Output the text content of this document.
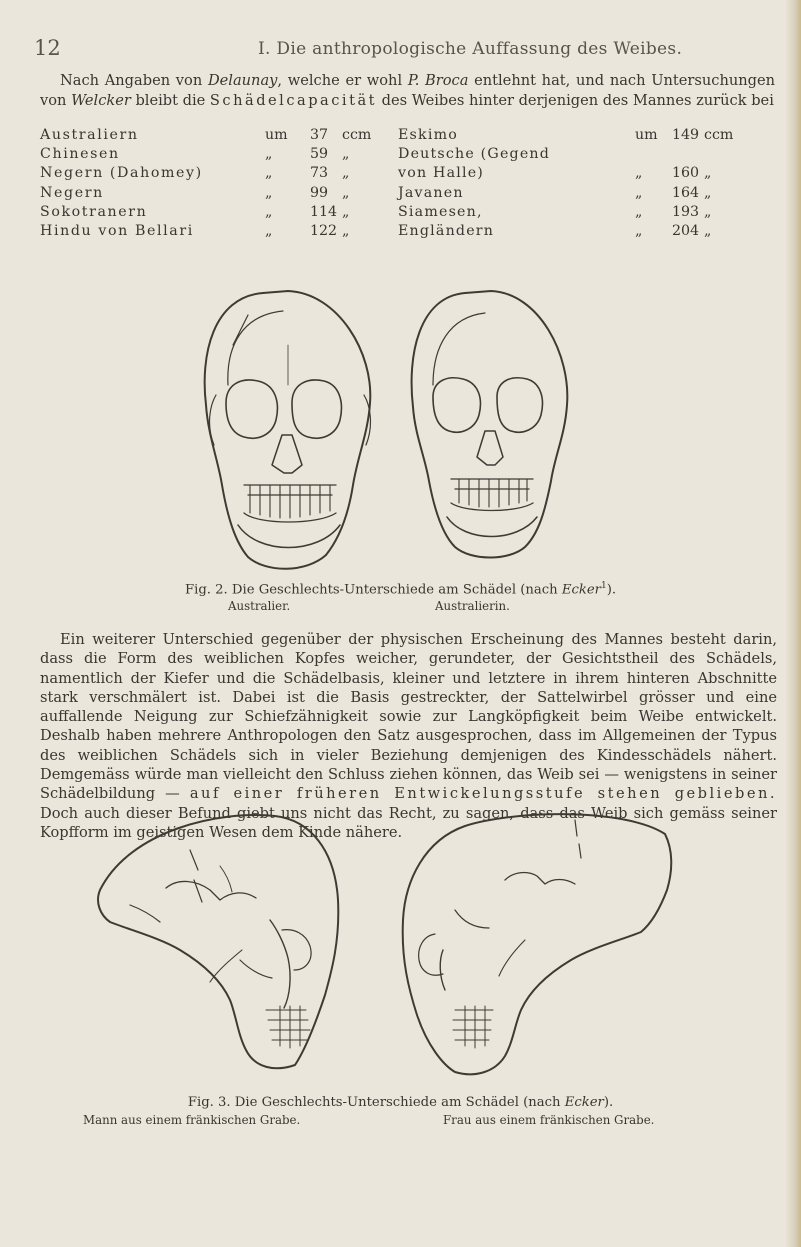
12	I. Die anthropologische Auffassung des Weibes.

Nach Angaben von Delaunay, welche er wohl P. Broca entlehnt hat, und nach Untersuchungen von Welcker bleibt die Schädelcapacität des Weibes hinter derjenigen des Mannes zurück bei

Australiern	um 37 ccm Eskimo	um 149 ccm
Chinesen	„	59 „	Deutsche (Gegend
Negern (Dahomey)	„	73 „	von Halle)	„ 160 „
Negern	„	99 „	Javanen	„ 164 „
Sokotranern	„	114 „	Siamesen,	„ 193 „
Hindu von Bellari	„	122 „	Engländern	„ 204 „
Fig. 2. Die Geschlechts-Unterschiede am Schädel (nach Ecker$^1$).
Australier.	Australierin.

Ein weiterer Unterschied gegenüber der physischen Erscheinung des Mannes besteht darin, dass die Form des weiblichen Kopfes weicher, gerundeter, der Gesichtstheil des Schädels, namentlich der Kiefer und die Schädelbasis, kleiner und letztere in ihrem hinteren Abschnitte stark verschmälert ist. Dabei ist die Basis gestreckter, der Sattelwirbel grösser und eine auffallende Neigung zur Schiefzähnigkeit sowie zur Langköpfigkeit beim Weibe entwickelt. Deshalb haben mehrere Anthropologen den Satz ausgesprochen, dass im Allgemeinen der Typus des weiblichen Schädels sich in vieler Beziehung demjenigen des Kindesschädels nähert. Demgemäss würde man vielleicht den Schluss ziehen können, das Weib sei — wenigstens in seiner Schädelbildung — auf einer früheren Entwickelungsstufe stehen geblieben. Doch auch dieser Befund giebt uns nicht das Recht, zu sagen, dass das Weib sich gemäss seiner Kopfform im geistigen Wesen dem Kinde nähere.

Fig. 3. Die Geschlechts-Unterschiede am Schädel (nach Ecker).
Mann aus einem fränkischen Grabe.	Frau aus einem fränkischen Grabe.
